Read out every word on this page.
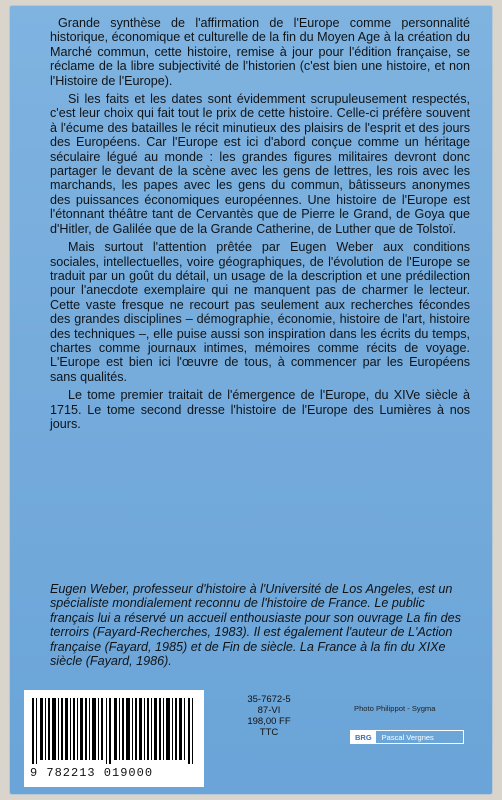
Grande synthèse de l'affirmation de l'Europe comme personnalité historique, économique et culturelle de la fin du Moyen Age à la création du Marché commun, cette histoire, remise à jour pour l'édition française, se réclame de la libre subjectivité de l'historien (c'est bien une histoire, et non l'Histoire de l'Europe).

Si les faits et les dates sont évidemment scrupuleusement respectés, c'est leur choix qui fait tout le prix de cette histoire. Celle-ci préfère souvent à l'écume des batailles le récit minutieux des plaisirs de l'esprit et des jours des Européens. Car l'Europe est ici d'abord conçue comme un héritage séculaire légué au monde : les grandes figures militaires devront donc partager le devant de la scène avec les gens de lettres, les rois avec les marchands, les papes avec les gens du commun, bâtisseurs anonymes des puissances économiques européennes. Une histoire de l'Europe est l'étonnant théâtre tant de Cervantès que de Pierre le Grand, de Goya que d'Hitler, de Galilée que de la Grande Catherine, de Luther que de Tolstoï.

Mais surtout l'attention prêtée par Eugen Weber aux conditions sociales, intellectuelles, voire géographiques, de l'évolution de l'Europe se traduit par un goût du détail, un usage de la description et une prédilection pour l'anecdote exemplaire qui ne manquent pas de charmer le lecteur. Cette vaste fresque ne recourt pas seulement aux recherches fécondes des grandes disciplines – démographie, économie, histoire de l'art, histoire des techniques –, elle puise aussi son inspiration dans les écrits du temps, chartes comme journaux intimes, mémoires comme récits de voyage. L'Europe est bien ici l'œuvre de tous, à commencer par les Européens sans qualités.

Le tome premier traitait de l'émergence de l'Europe, du XIVe siècle à 1715. Le tome second dresse l'histoire de l'Europe des Lumières à nos jours.

Eugen Weber, professeur d'histoire à l'Université de Los Angeles, est un spécialiste mondialement reconnu de l'histoire de France. Le public français lui a réservé un accueil enthousiaste pour son ouvrage La fin des terroirs (Fayard-Recherches, 1983). Il est également l'auteur de L'Action française (Fayard, 1985) et de Fin de siècle. La France à la fin du XIXe siècle (Fayard, 1986).
9 782213 019000
35-7672-5
87-VI
198,00 FF TTC
Photo Philippot - Sygma
BRG	Pascal Vergnes
